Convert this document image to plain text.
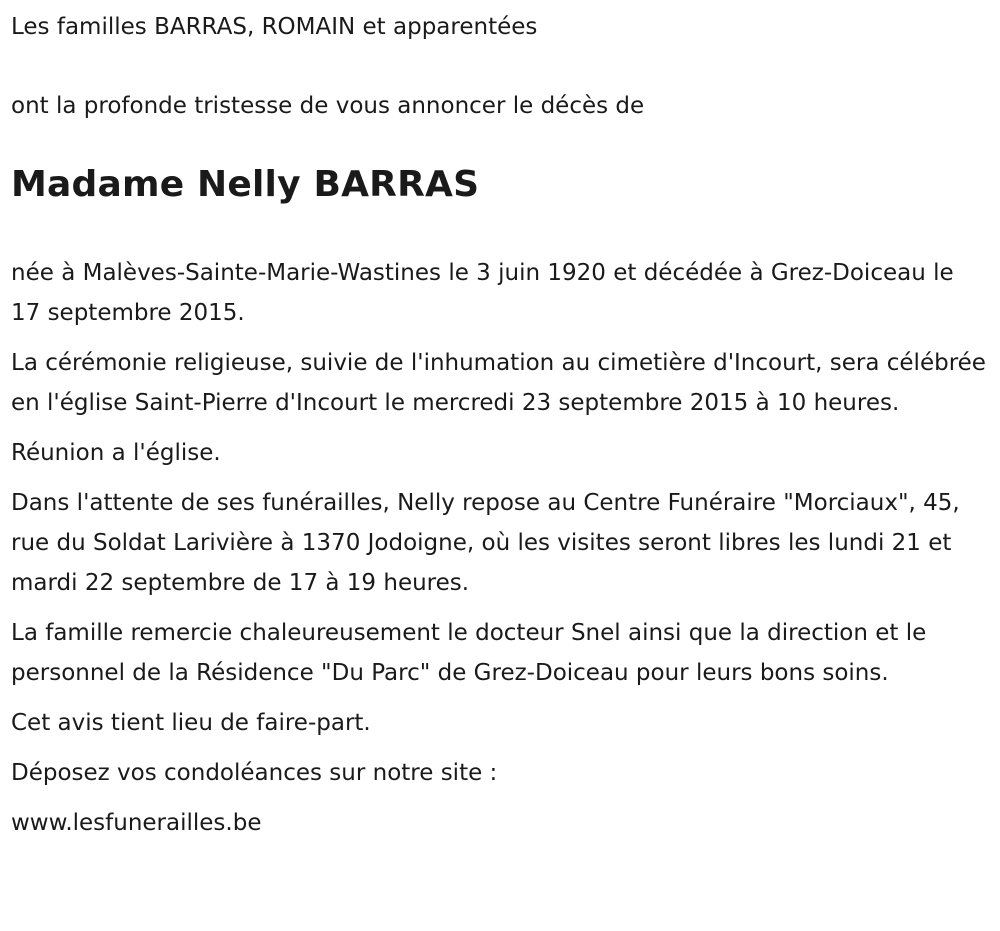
Les familles BARRAS, ROMAIN et apparentées

ont la profonde tristesse de vous annoncer le décès de

Madame Nelly BARRAS

née à Malèves-Sainte-Marie-Wastines le 3 juin 1920 et décédée à Grez-Doiceau le 17 septembre 2015.

La cérémonie religieuse, suivie de l'inhumation au cimetière d'Incourt, sera célébrée en l'église Saint-Pierre d'Incourt le mercredi 23 septembre 2015 à 10 heures.

Réunion a l'église.

Dans l'attente de ses funérailles, Nelly repose au Centre Funéraire "Morciaux", 45, rue du Soldat Larivière à 1370 Jodoigne, où les visites seront libres les lundi 21 et mardi 22 septembre de 17 à 19 heures.

La famille remercie chaleureusement le docteur Snel ainsi que la direction et le personnel de la Résidence "Du Parc" de Grez-Doiceau pour leurs bons soins.

Cet avis tient lieu de faire-part.

Déposez vos condoléances sur notre site :

www.lesfunerailles.be
